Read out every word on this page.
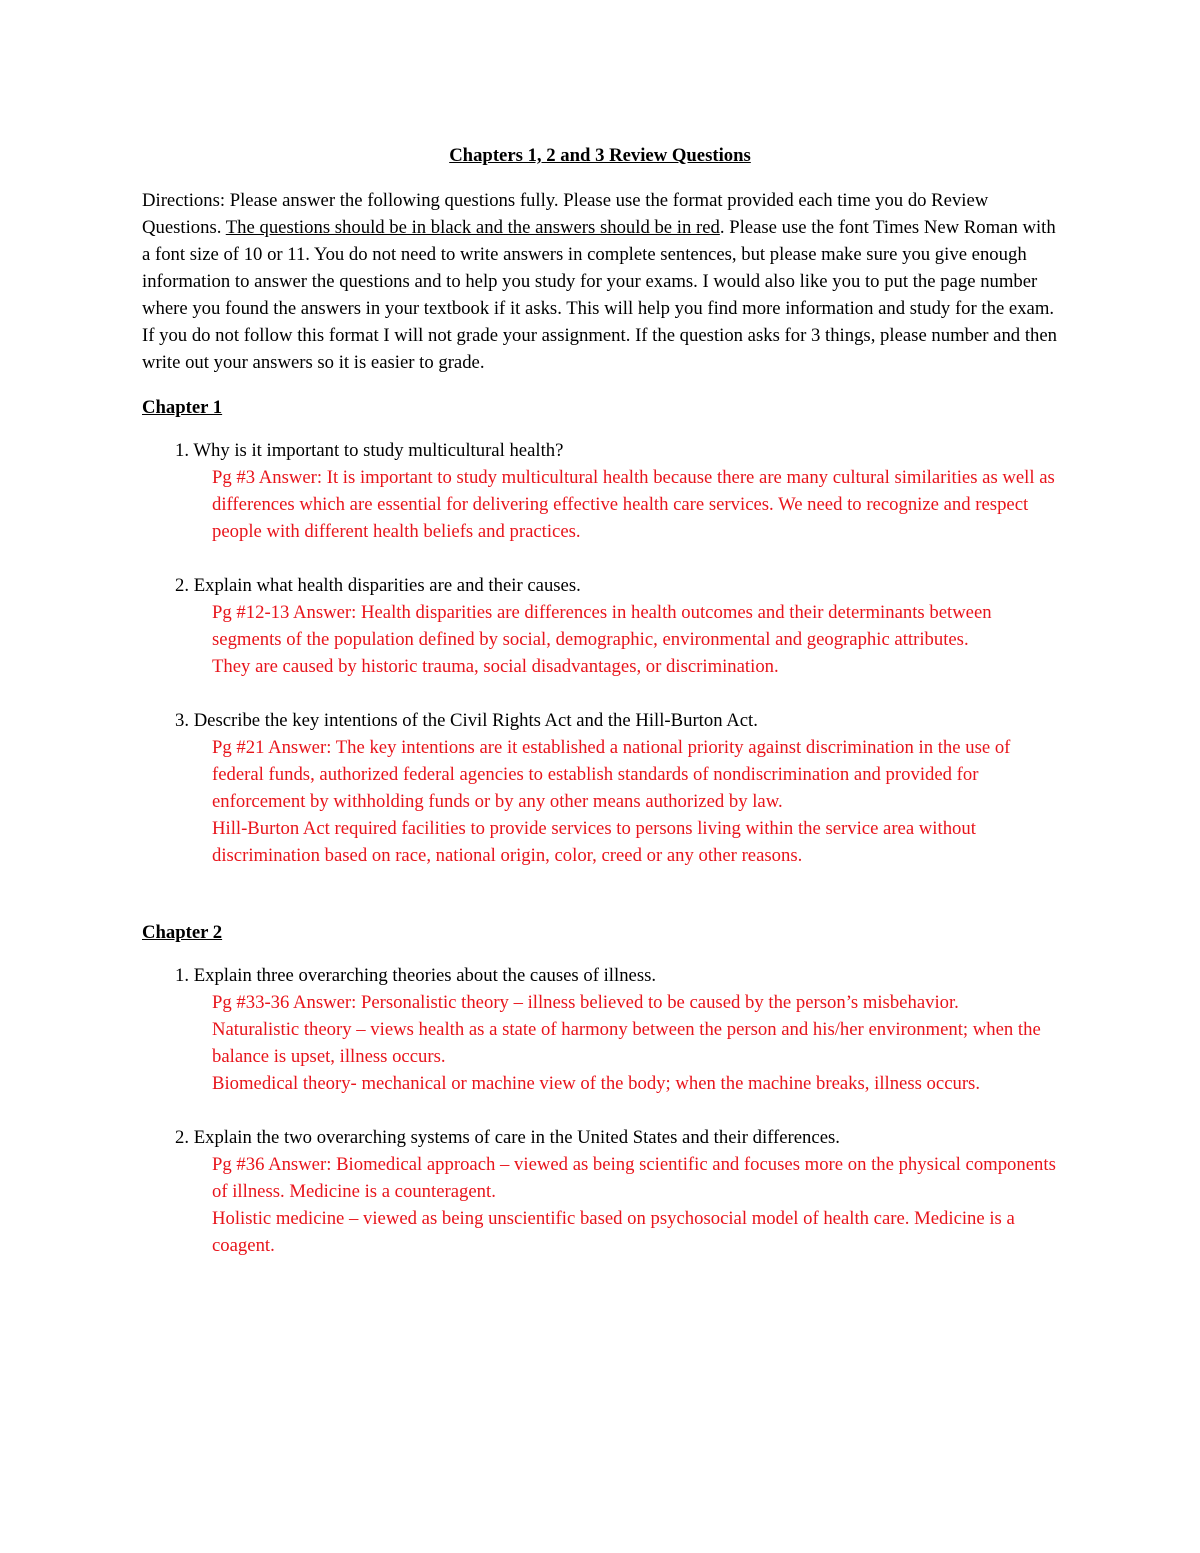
Chapters 1, 2 and 3 Review Questions
Directions: Please answer the following questions fully. Please use the format provided each time you do Review Questions. The questions should be in black and the answers should be in red. Please use the font Times New Roman with a font size of 10 or 11. You do not need to write answers in complete sentences, but please make sure you give enough information to answer the questions and to help you study for your exams. I would also like you to put the page number where you found the answers in your textbook if it asks. This will help you find more information and study for the exam. If you do not follow this format I will not grade your assignment. If the question asks for 3 things, please number and then write out your answers so it is easier to grade.
Chapter 1
1. Why is it important to study multicultural health?
Pg #3 Answer: It is important to study multicultural health because there are many cultural similarities as well as differences which are essential for delivering effective health care services. We need to recognize and respect people with different health beliefs and practices.
2. Explain what health disparities are and their causes.
Pg #12-13 Answer: Health disparities are differences in health outcomes and their determinants between segments of the population defined by social, demographic, environmental and geographic attributes.
They are caused by historic trauma, social disadvantages, or discrimination.
3. Describe the key intentions of the Civil Rights Act and the Hill-Burton Act.
Pg #21 Answer: The key intentions are it established a national priority against discrimination in the use of federal funds, authorized federal agencies to establish standards of nondiscrimination and provided for enforcement by withholding funds or by any other means authorized by law.
Hill-Burton Act required facilities to provide services to persons living within the service area without discrimination based on race, national origin, color, creed or any other reasons.
Chapter 2
1. Explain three overarching theories about the causes of illness.
Pg #33-36 Answer: Personalistic theory – illness believed to be caused by the person’s misbehavior.
Naturalistic theory – views health as a state of harmony between the person and his/her environment; when the balance is upset, illness occurs.
Biomedical theory- mechanical or machine view of the body; when the machine breaks, illness occurs.
2. Explain the two overarching systems of care in the United States and their differences.
Pg #36 Answer: Biomedical approach – viewed as being scientific and focuses more on the physical components of illness. Medicine is a counteragent.
Holistic medicine – viewed as being unscientific based on psychosocial model of health care. Medicine is a coagent.
